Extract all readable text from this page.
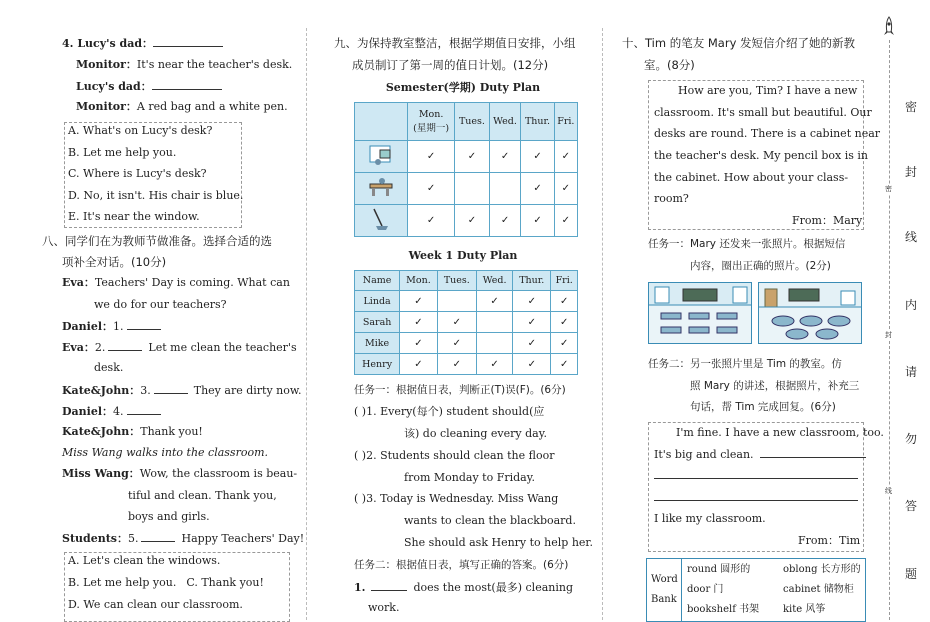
4. Lucy's dad：
Monitor：It's near the teacher's desk.
Lucy's dad：
Monitor：A red bag and a white pen.
A. What's on Lucy's desk?
B. Let me help you.
C. Where is Lucy's desk?
D. No, it isn't. His chair is blue.
E. It's near the window.
八、同学们在为教师节做准备。选择合适的选
项补全对话。(10分)
Eva：Teachers' Day is coming. What can
we do for our teachers?
Daniel：1.
Eva：2.	Let me clean the teacher's
desk.
Kate&John：3.	They are dirty now.
Daniel：4.
Kate&John：Thank you!
Miss Wang walks into the classroom.
Miss Wang：Wow, the classroom is beau-
tiful and clean. Thank you,
boys and girls.
Students：5.	Happy Teachers' Day!
A. Let's clean the windows.
B. Let me help you. C. Thank you!
D. We can clean our classroom.
九、为保持教室整洁，根据学期值日安排，小组
成员制订了第一周的值日计划。(12分)
Semester(学期) Duty Plan

	Mon.
(星期一)	Tues.	Wed.	Thur.	Fri.

	✓	✓	✓	✓	✓
	✓			✓	✓
	✓	✓	✓	✓	✓
Week 1 Duty Plan
Name	Mon.	Tues.	Wed.	Thur.	Fri.
Linda	✓		✓	✓	✓
Sarah	✓	✓		✓	✓
Mike	✓	✓		✓	✓
Henry	✓	✓	✓	✓	✓
任务一：根据值日表，判断正(T)误(F)。(6分)
( )1. Every(每个) student should(应
该) do cleaning every day.
( )2. Students should clean the floor
from Monday to Friday.
( )3. Today is Wednesday. Miss Wang
wants to clean the blackboard.
She should ask Henry to help her.
任务二：根据值日表，填写正确的答案。(6分)
1.	does the most(最多) cleaning
work.
十、Tim 的笔友 Mary 发短信介绍了她的新教
室。(8分)
How are you, Tim? I have a new
classroom. It's small but beautiful. Our
desks are round. There is a cabinet near
the teacher's desk. My pencil box is in
the cabinet. How about your class-
room?
From：Mary
任务一：Mary 还发来一张照片。根据短信
内容，圈出正确的照片。(2分)
任务二：另一张照片里是 Tim 的教室。仿
照 Mary 的讲述，根据照片，补充三
句话，帮 Tim 完成回复。(6分)
I'm fine. I have a new classroom, too.
It's big and clean.
I like my classroom.
From：Tim
Word
Bank
round 圆形的	oblong 长方形的
door 门	cabinet 储物柜
bookshelf 书架 kite 风筝
密
封
线
内
请
勿
答
题
密
封
线
